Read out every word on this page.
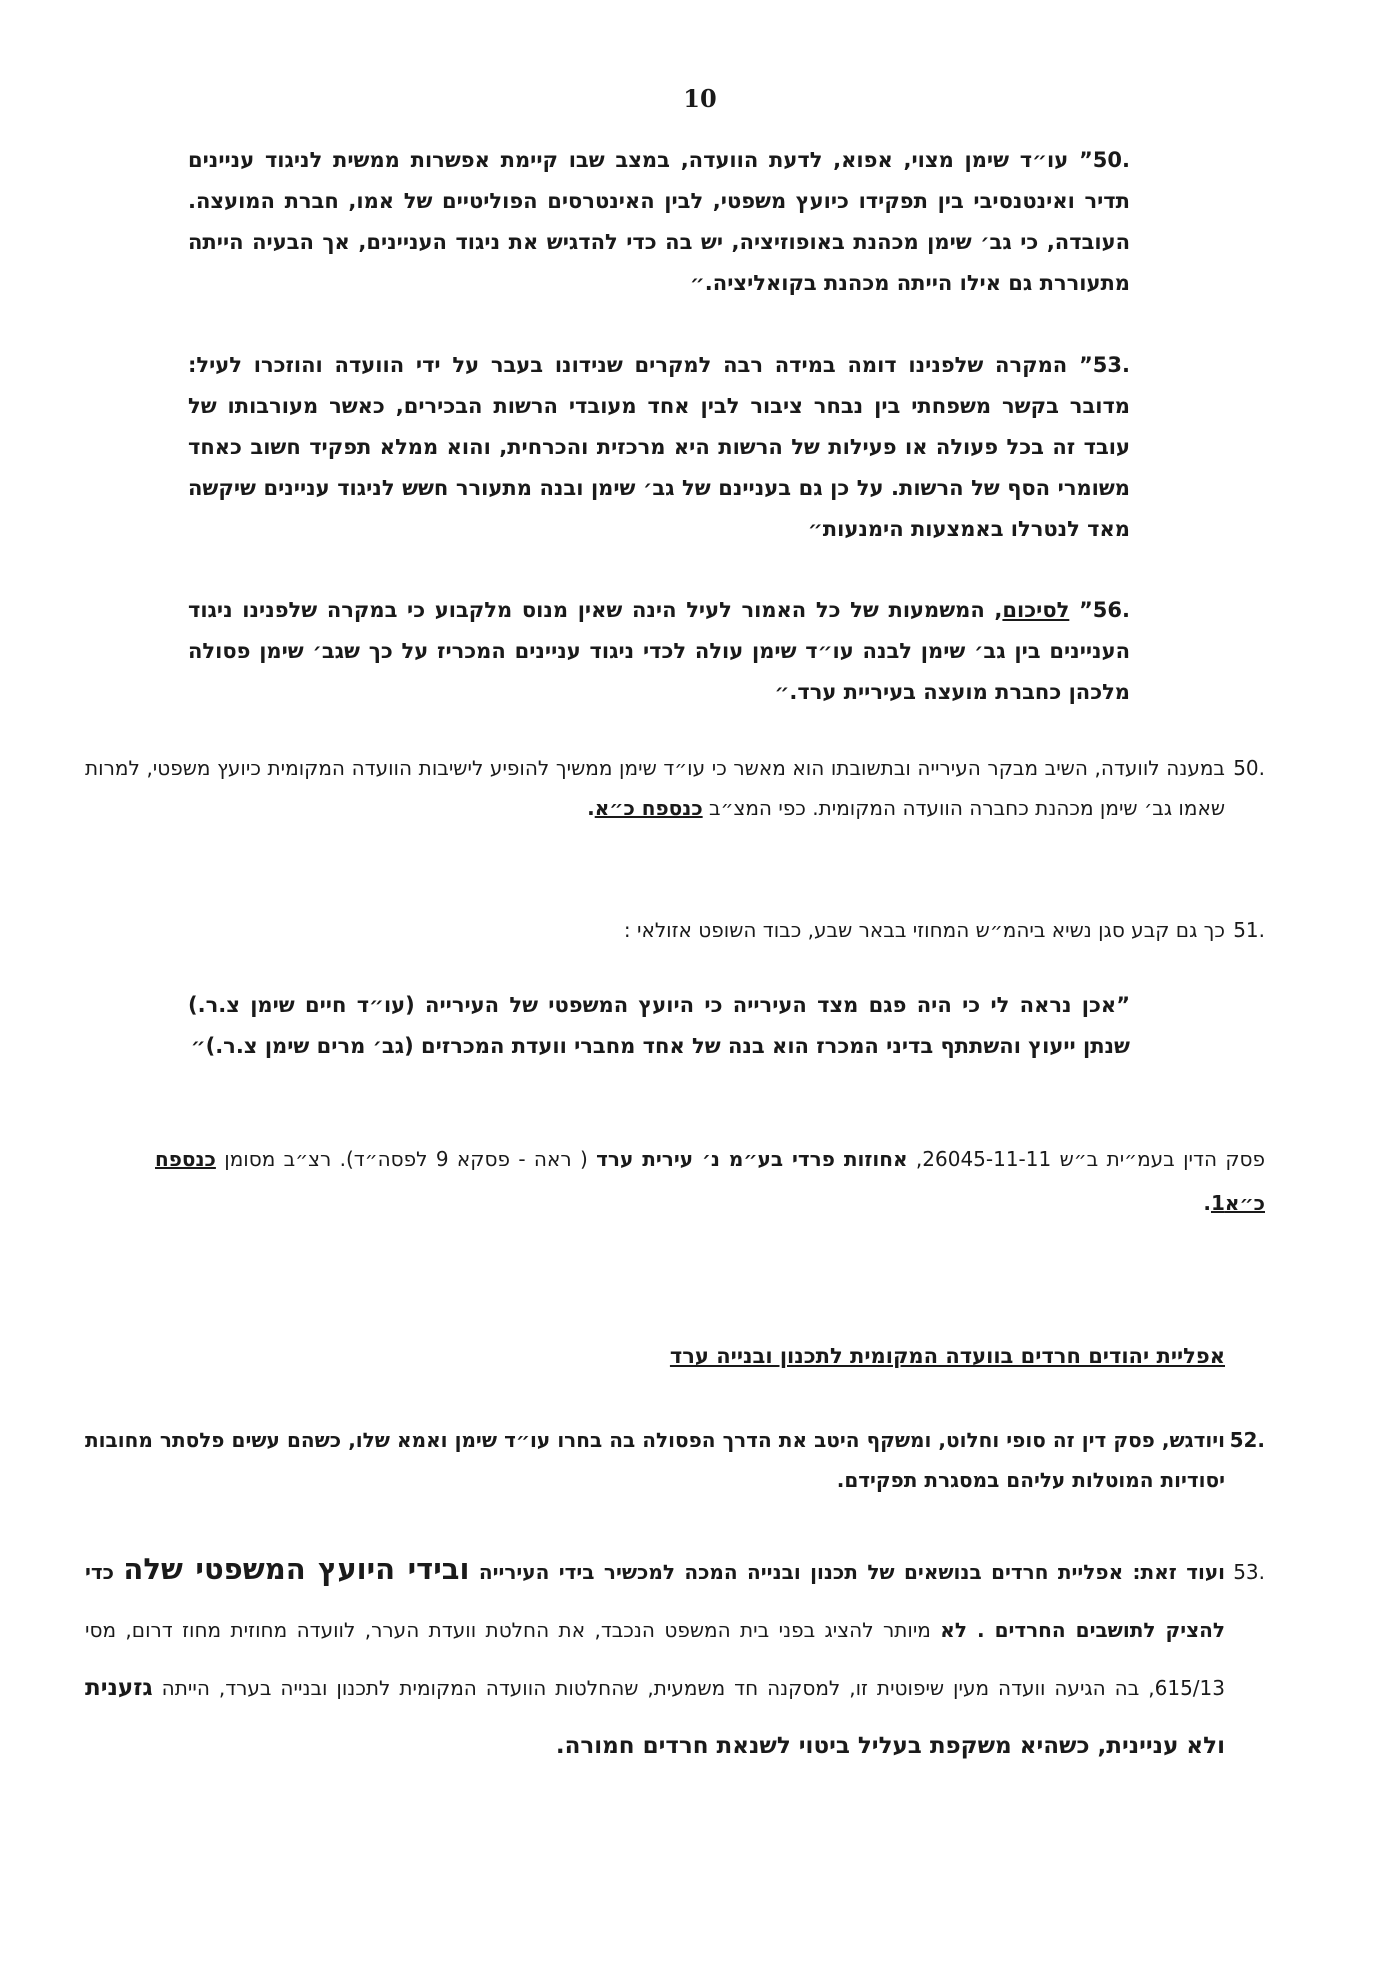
10
”50. עו״ד שימן מצוי, אפוא, לדעת הוועדה, במצב שבו קיימת אפשרות ממשית לניגוד עניינים תדיר ואינטנסיבי בין תפקידו כיועץ משפטי, לבין האינטרסים הפוליטיים של אמו, חברת המועצה. העובדה, כי גב׳ שימן מכהנת באופוזיציה, יש בה כדי להדגיש את ניגוד העניינים, אך הבעיה הייתה מתעוררת גם אילו הייתה מכהנת בקואליציה.״
”53. המקרה שלפנינו דומה במידה רבה למקרים שנידונו בעבר על ידי הוועדה והוזכרו לעיל: מדובר בקשר משפחתי בין נבחר ציבור לבין אחד מעובדי הרשות הבכירים, כאשר מעורבותו של עובד זה בכל פעולה או פעילות של הרשות היא מרכזית והכרחית, והוא ממלא תפקיד חשוב כאחד משומרי הסף של הרשות. על כן גם בעניינם של גב׳ שימן ובנה מתעורר חשש לניגוד עניינים שיקשה מאד לנטרלו באמצעות הימנעות״
”56. לסיכום, המשמעות של כל האמור לעיל הינה שאין מנוס מלקבוע כי במקרה שלפנינו ניגוד העניינים בין גב׳ שימן לבנה עו״ד שימן עולה לכדי ניגוד עניינים המכריז על כך שגב׳ שימן פסולה מלכהן כחברת מועצה בעיריית ערד.״
50.במענה לוועדה, השיב מבקר העירייה ובתשובתו הוא מאשר כי עו״ד שימן ממשיך להופיע לישיבות הוועדה המקומית כיועץ משפטי, למרות שאמו גב׳ שימן מכהנת כחברה הוועדה המקומית. כפי המצ״ב כנספח כ״א.
51.כך גם קבע סגן נשיא ביהמ״ש המחוזי בבאר שבע, כבוד השופט אזולאי :
”אכן נראה לי כי היה פגם מצד העירייה כי היועץ המשפטי של העירייה (עו״ד חיים שימן צ.ר.) שנתן ייעוץ והשתתף בדיני המכרז הוא בנה של אחד מחברי וועדת המכרזים (גב׳ מרים שימן צ.ר.)״
פסק הדין בעמ״ית ב״ש 26045-11-11, אחוזות פרדי בע״מ נ׳ עירית ערד ( ראה - פסקא 9 לפסה״ד). רצ״ב מסומן כנספח כ״א1.
אפליית יהודים חרדים בוועדה המקומית לתכנון ובנייה ערד
52.ויודגש, פסק דין זה סופי וחלוט, ומשקף היטב את הדרך הפסולה בה בחרו עו״ד שימן ואמא שלו, כשהם עשים פלסתר מחובות יסודיות המוטלות עליהם במסגרת תפקידם.
53.ועוד זאת: אפליית חרדים בנושאים של תכנון ובנייה המכה למכשיר בידי העירייה ובידי היועץ המשפטי שלה כדי להציק לתושבים החרדים . לא מיותר להציג בפני בית המשפט הנכבד, את החלטת וועדת הערר, לוועדה מחוזית מחוז דרום, מסי 615/13, בה הגיעה וועדה מעין שיפוטית זו, למסקנה חד משמעית, שהחלטות הוועדה המקומית לתכנון ובנייה בערד, הייתה גזענית ולא עניינית, כשהיא משקפת בעליל ביטוי לשנאת חרדים חמורה.
